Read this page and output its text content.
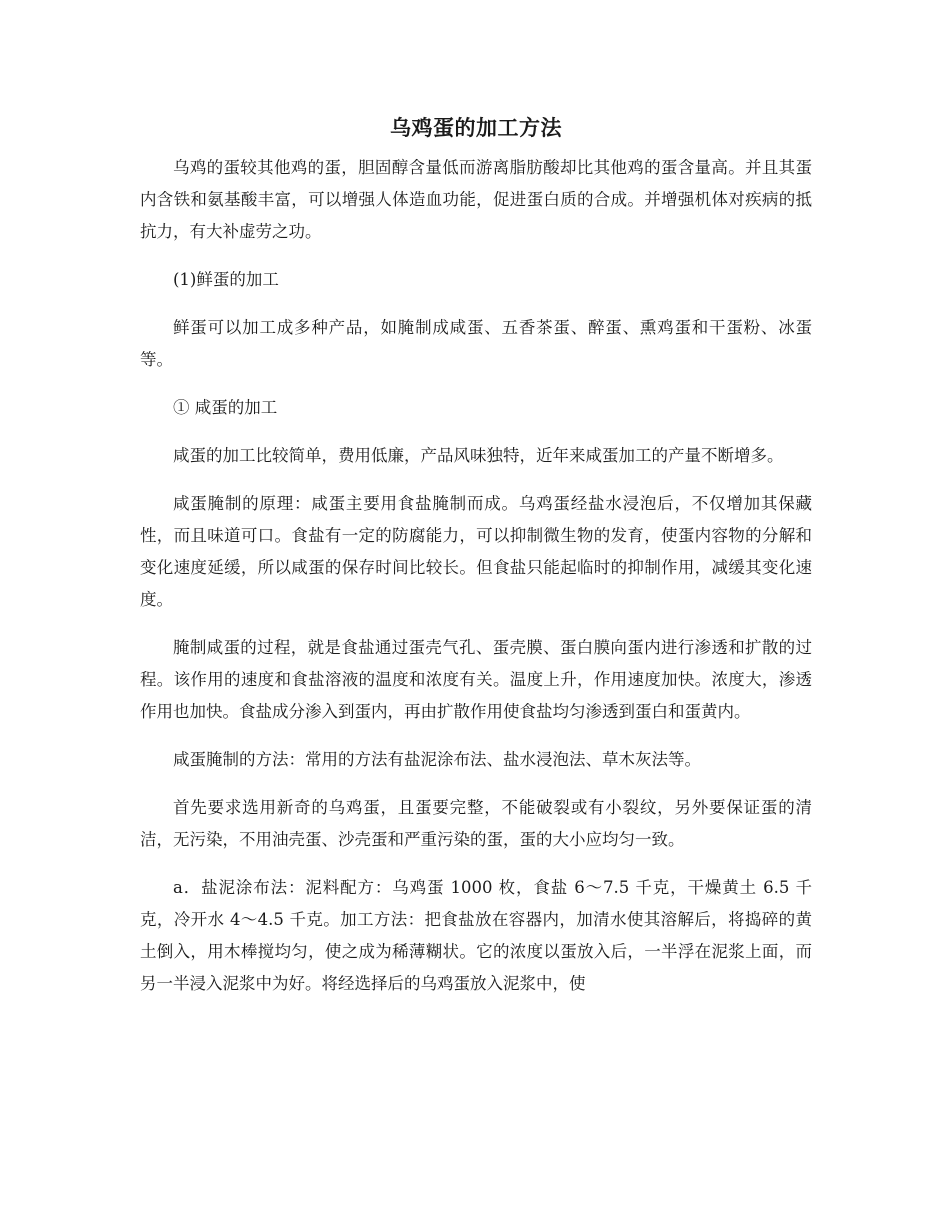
乌鸡蛋的加工方法

乌鸡的蛋较其他鸡的蛋，胆固醇含量低而游离脂肪酸却比其他鸡的蛋含量高。并且其蛋内含铁和氨基酸丰富，可以增强人体造血功能，促进蛋白质的合成。并增强机体对疾病的抵抗力，有大补虚劳之功。

(1)鲜蛋的加工

鲜蛋可以加工成多种产品，如腌制成咸蛋、五香茶蛋、醉蛋、熏鸡蛋和干蛋粉、冰蛋等。

① 咸蛋的加工

咸蛋的加工比较简单，费用低廉，产品风味独特，近年来咸蛋加工的产量不断增多。

咸蛋腌制的原理：咸蛋主要用食盐腌制而成。乌鸡蛋经盐水浸泡后，不仅增加其保藏性，而且味道可口。食盐有一定的防腐能力，可以抑制微生物的发育，使蛋内容物的分解和变化速度延缓，所以咸蛋的保存时间比较长。但食盐只能起临时的抑制作用，减缓其变化速度。

腌制咸蛋的过程，就是食盐通过蛋壳气孔、蛋壳膜、蛋白膜向蛋内进行渗透和扩散的过程。该作用的速度和食盐溶液的温度和浓度有关。温度上升，作用速度加快。浓度大，渗透作用也加快。食盐成分渗入到蛋内，再由扩散作用使食盐均匀渗透到蛋白和蛋黄内。

咸蛋腌制的方法：常用的方法有盐泥涂布法、盐水浸泡法、草木灰法等。

首先要求选用新奇的乌鸡蛋，且蛋要完整，不能破裂或有小裂纹，另外要保证蛋的清洁，无污染，不用油壳蛋、沙壳蛋和严重污染的蛋，蛋的大小应均匀一致。

a．盐泥涂布法：泥料配方：乌鸡蛋 1000 枚，食盐 6～7.5 千克，干燥黄土 6.5 千克，冷开水 4～4.5 千克。加工方法：把食盐放在容器内，加清水使其溶解后，将捣碎的黄土倒入，用木棒搅均匀，使之成为稀薄糊状。它的浓度以蛋放入后，一半浮在泥浆上面，而另一半浸入泥浆中为好。将经选择后的乌鸡蛋放入泥浆中，使
